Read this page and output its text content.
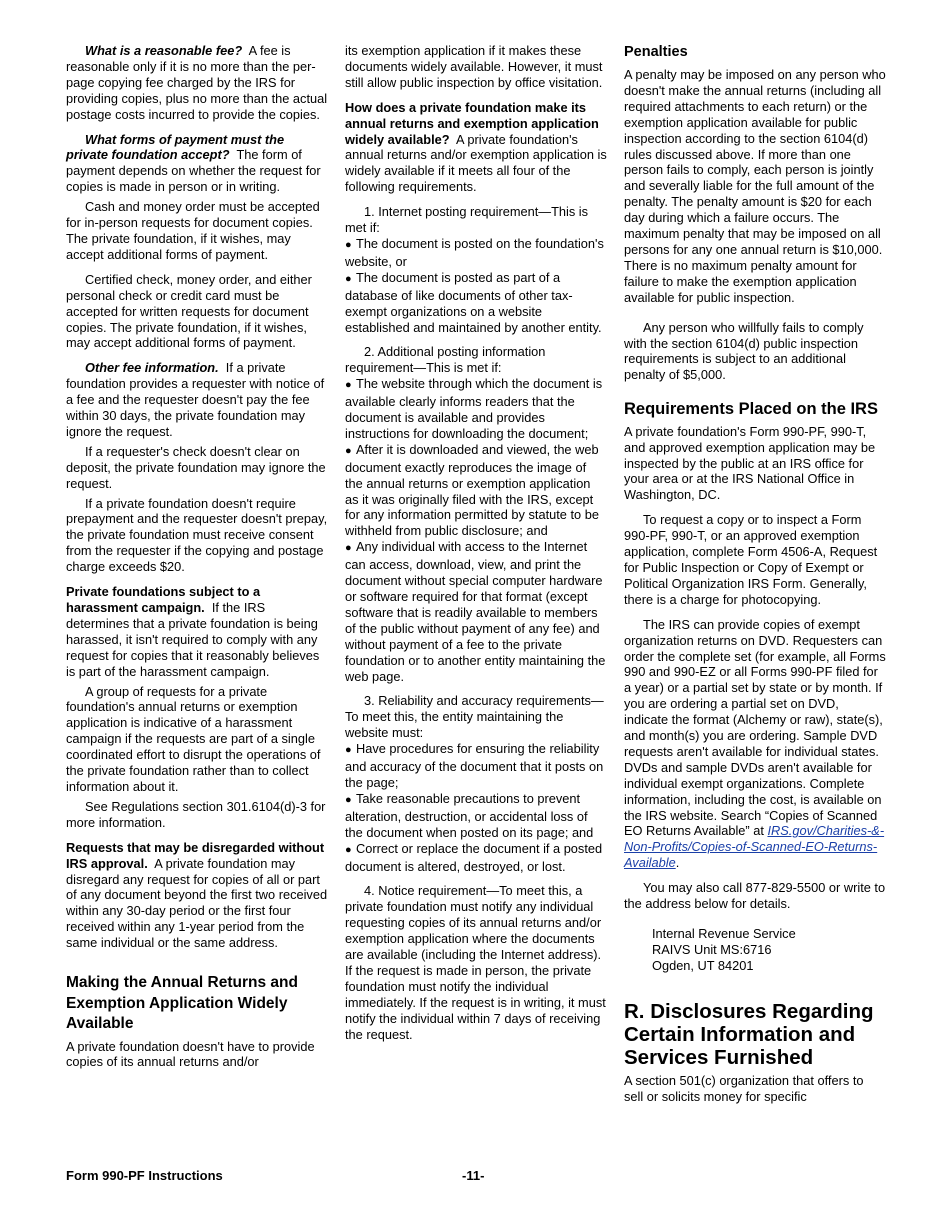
What is a reasonable fee? A fee is reasonable only if it is no more than the per-page copying fee charged by the IRS for providing copies, plus no more than the actual postage costs incurred to provide the copies.

What forms of payment must the private foundation accept? The form of payment depends on whether the request for copies is made in person or in writing.

Cash and money order must be accepted for in-person requests for document copies. The private foundation, if it wishes, may accept additional forms of payment.

Certified check, money order, and either personal check or credit card must be accepted for written requests for document copies. The private foundation, if it wishes, may accept additional forms of payment.

Other fee information. If a private foundation provides a requester with notice of a fee and the requester doesn't pay the fee within 30 days, the private foundation may ignore the request.

If a requester's check doesn't clear on deposit, the private foundation may ignore the request.

If a private foundation doesn't require prepayment and the requester doesn't prepay, the private foundation must receive consent from the requester if the copying and postage charge exceeds $20.

Private foundations subject to a harassment campaign. If the IRS determines that a private foundation is being harassed, it isn't required to comply with any request for copies that it reasonably believes is part of the harassment campaign.

A group of requests for a private foundation's annual returns or exemption application is indicative of a harassment campaign if the requests are part of a single coordinated effort to disrupt the operations of the private foundation rather than to collect information about it.

See Regulations section 301.6104(d)-3 for more information.

Requests that may be disregarded without IRS approval. A private foundation may disregard any request for copies of all or part of any document beyond the first two received within any 30-day period or the first four received within any 1-year period from the same individual or the same address.

Making the Annual Returns and Exemption Application Widely Available

A private foundation doesn't have to provide copies of its annual returns and/or

its exemption application if it makes these documents widely available. However, it must still allow public inspection by office visitation.

How does a private foundation make its annual returns and exemption application widely available? A private foundation's annual returns and/or exemption application is widely available if it meets all four of the following requirements.

1. Internet posting requirement—This is met if:

● The document is posted on the foundation's website, or
● The document is posted as part of a database of like documents of other tax-exempt organizations on a website established and maintained by another entity.

2. Additional posting information requirement—This is met if:

● The website through which the document is available clearly informs readers that the document is available and provides instructions for downloading the document;
● After it is downloaded and viewed, the web document exactly reproduces the image of the annual returns or exemption application as it was originally filed with the IRS, except for any information permitted by statute to be withheld from public disclosure; and
● Any individual with access to the Internet can access, download, view, and print the document without special computer hardware or software required for that format (except software that is readily available to members of the public without payment of any fee) and without payment of a fee to the private foundation or to another entity maintaining the web page.

3. Reliability and accuracy requirements—To meet this, the entity maintaining the website must:

● Have procedures for ensuring the reliability and accuracy of the document that it posts on the page;
● Take reasonable precautions to prevent alteration, destruction, or accidental loss of the document when posted on its page; and
● Correct or replace the document if a posted document is altered, destroyed, or lost.

4. Notice requirement—To meet this, a private foundation must notify any individual requesting copies of its annual returns and/or exemption application where the documents are available (including the Internet address). If the request is made in person, the private foundation must notify the individual immediately. If the request is in writing, it must notify the individual within 7 days of receiving the request.

Penalties

A penalty may be imposed on any person who doesn't make the annual returns (including all required attachments to each return) or the exemption application available for public inspection according to the section 6104(d) rules discussed above. If more than one person fails to comply, each person is jointly and severally liable for the full amount of the penalty. The penalty amount is $20 for each day during which a failure occurs. The maximum penalty that may be imposed on all persons for any one annual return is $10,000. There is no maximum penalty amount for failure to make the exemption application available for public inspection.

Any person who willfully fails to comply with the section 6104(d) public inspection requirements is subject to an additional penalty of $5,000.

Requirements Placed on the IRS

A private foundation's Form 990-PF, 990-T, and approved exemption application may be inspected by the public at an IRS office for your area or at the IRS National Office in Washington, DC.

To request a copy or to inspect a Form 990-PF, 990-T, or an approved exemption application, complete Form 4506-A, Request for Public Inspection or Copy of Exempt or Political Organization IRS Form. Generally, there is a charge for photocopying.

The IRS can provide copies of exempt organization returns on DVD. Requesters can order the complete set (for example, all Forms 990 and 990-EZ or all Forms 990-PF filed for a year) or a partial set by state or by month. If you are ordering a partial set on DVD, indicate the format (Alchemy or raw), state(s), and month(s) you are ordering. Sample DVD requests aren't available for individual states. DVDs and sample DVDs aren't available for individual exempt organizations. Complete information, including the cost, is available on the IRS website. Search “Copies of Scanned EO Returns Available” at IRS.gov/Charities-&-Non-Profits/Copies-of-Scanned-EO-Returns-Available.

You may also call 877-829-5500 or write to the address below for details.

Internal Revenue Service
RAIVS Unit MS:6716
Ogden, UT 84201
R. Disclosures Regarding Certain Information and Services Furnished

A section 501(c) organization that offers to sell or solicits money for specific

Form 990-PF Instructions	-11-
